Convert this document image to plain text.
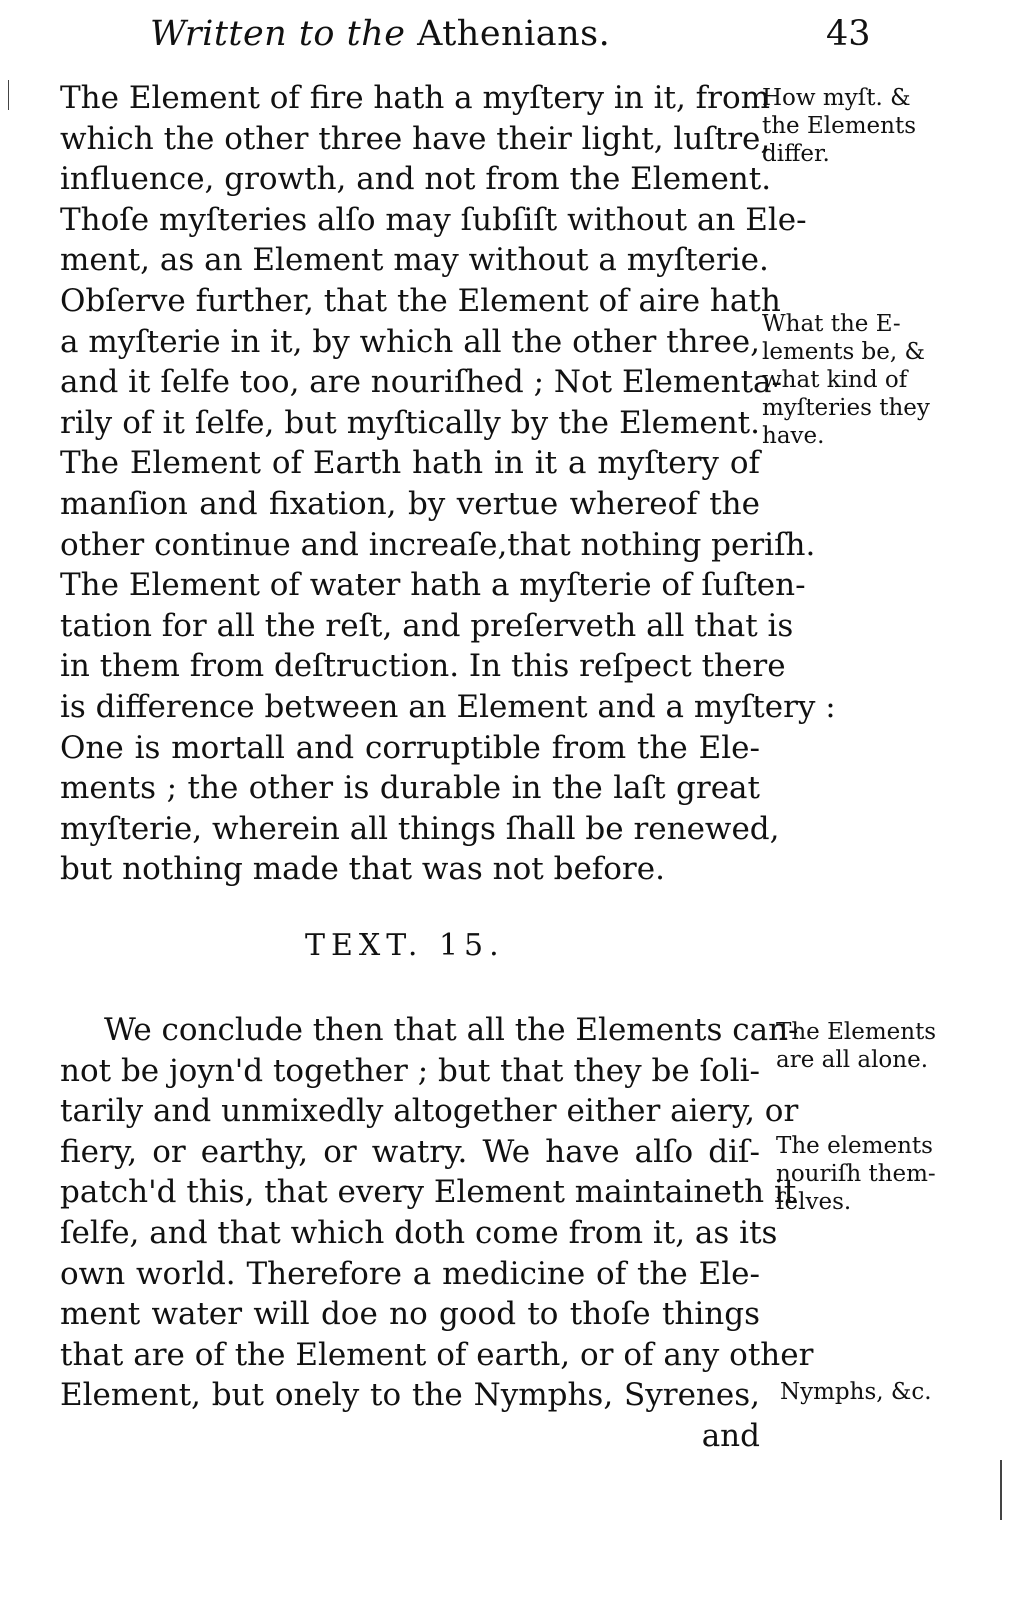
Written to the Athenians.	43
The Element of fire hath a myſtery in it, from
which the other three have their light, luſtre,
influence, growth, and not from the Element.
Thoſe myſteries alſo may ſubſiſt without an Ele-
ment, as an Element may without a myſterie.
Obſerve further, that the Element of aire hath
a myſterie in it, by which all the other three,
and it ſelfe too, are nouriſhed ; Not Elementa-
rily of it ſelfe, but myſtically by the Element.
The Element of Earth hath in it a myſtery of
manſion and fixation, by vertue whereof the
other continue and increaſe,that nothing periſh.
The Element of water hath a myſterie of ſuſten-
tation for all the reſt, and preſerveth all that is
in them from deſtruction. In this reſpect there
is difference between an Element and a myſtery :
One is mortall and corruptible from the Ele-
ments ; the other is durable in the laſt great
myſterie, wherein all things ſhall be renewed,
but nothing made that was not before.
TEXT. 15.
We conclude then that all the Elements can-
not be joyn'd together ; but that they be ſoli-
tarily and unmixedly altogether either aiery, or
fiery, or earthy, or watry. We have alſo diſ-
patch'd this, that every Element maintaineth it
ſelfe, and that which doth come from it, as its
own world. Therefore a medicine of the Ele-
ment water will doe no good to thoſe things
that are of the Element of earth, or of any other
Element, but onely to the Nymphs, Syrenes,
and
How myſt. &
the Elements
differ.
What the E-
lements be, &
what kind of
myſteries they
have.
The Elements
are all alone.
The elements
nouriſh them-
ſelves.
Nymphs, &c.
